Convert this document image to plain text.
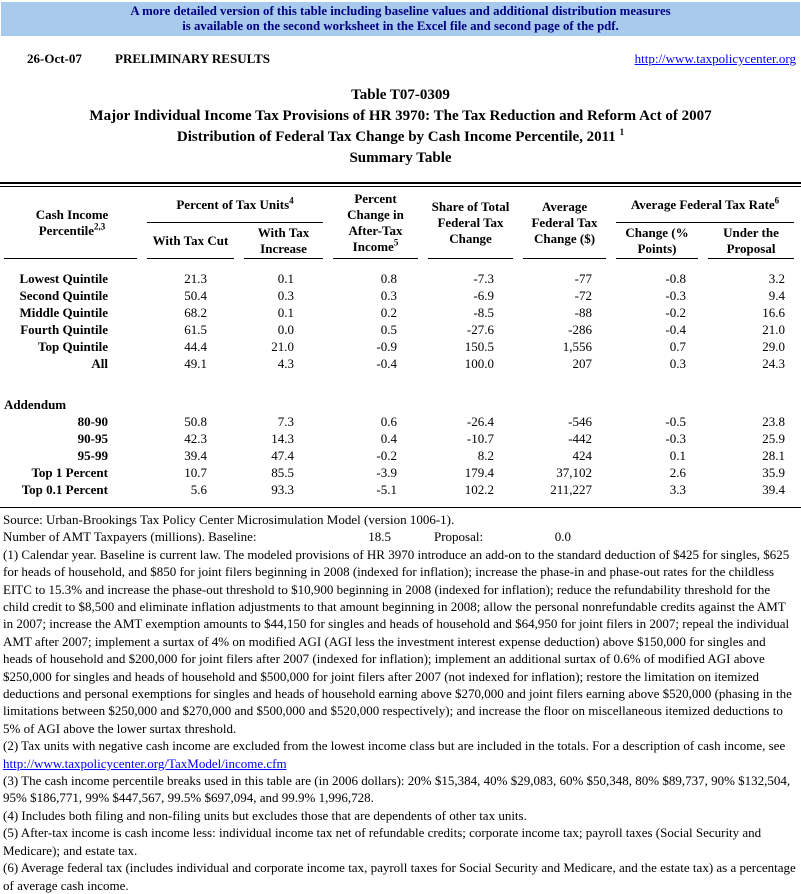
A more detailed version of this table including baseline values and additional distribution measures
is available on the second worksheet in the Excel file and second page of the pdf.
26-Oct-07	PRELIMINARY RESULTS	http://www.taxpolicycenter.org
Table T07-0309
Major Individual Income Tax Provisions of HR 3970: The Tax Reduction and Reform Act of 2007
Distribution of Federal Tax Change by Cash Income Percentile, 2011 $^1$
Summary Table
Cash Income
Percentile$^{2,3}$	Percent of Tax Units$^4$		Percent Change in After-Tax Income$^5$	Share of Total Federal Tax Change	Average Federal Tax Change ($)	Average Federal Tax Rate$^6$
	With Tax Cut	With Tax Increase				Change (% Points)	Under the Proposal
Lowest Quintile	21.3	0.1	0.8	-7.3	-77	-0.8	3.2
Second Quintile	50.4	0.3	0.3	-6.9	-72	-0.3	9.4
Middle Quintile	68.2	0.1	0.2	-8.5	-88	-0.2	16.6
Fourth Quintile	61.5	0.0	0.5	-27.6	-286	-0.4	21.0
Top Quintile	44.4	21.0	-0.9	150.5	1,556	0.7	29.0
All	49.1	4.3	-0.4	100.0	207	0.3	24.3
Addendum							
80-90	50.8	7.3	0.6	-26.4	-546	-0.5	23.8
90-95	42.3	14.3	0.4	-10.7	-442	-0.3	25.9
95-99	39.4	47.4	-0.2	8.2	424	0.1	28.1
Top 1 Percent	10.7	85.5	-3.9	179.4	37,102	2.6	35.9
Top 0.1 Percent	5.6	93.3	-5.1	102.2	211,227	3.3	39.4

Source: Urban-Brookings Tax Policy Center Microsimulation Model (version 1006-1).

Number of AMT Taxpayers (millions). Baseline:	18.5	Proposal:	0.0

(1) Calendar year. Baseline is current law. The modeled provisions of HR 3970 introduce an add-on to the standard deduction of $425 for singles, $625 for heads of household, and $850 for joint filers beginning in 2008 (indexed for inflation); increase the phase-in and phase-out rates for the childless EITC to 15.3% and increase the phase-out threshold to $10,900 beginning in 2008 (indexed for inflation); reduce the refundability threshold for the child credit to $8,500 and eliminate inflation adjustments to that amount beginning in 2008; allow the personal nonrefundable credits against the AMT in 2007; increase the AMT exemption amounts to $44,150 for singles and heads of household and $64,950 for joint filers in 2007; repeal the individual AMT after 2007; implement a surtax of 4% on modified AGI (AGI less the investment interest expense deduction) above $150,000 for singles and heads of household and $200,000 for joint filers after 2007 (indexed for inflation); implement an additional surtax of 0.6% of modified AGI above $250,000 for singles and heads of household and $500,000 for joint filers after 2007 (not indexed for inflation); restore the limitation on itemized deductions and personal exemptions for singles and heads of household earning above $270,000 and joint filers earning above $520,000 (phasing in the limitations between $250,000 and $270,000 and $500,000 and $520,000 respectively); and increase the floor on miscellaneous itemized deductions to 5% of AGI above the lower surtax threshold.

(2) Tax units with negative cash income are excluded from the lowest income class but are included in the totals. For a description of cash income, see

http://www.taxpolicycenter.org/TaxModel/income.cfm

(3) The cash income percentile breaks used in this table are (in 2006 dollars): 20% $15,384, 40% $29,083, 60% $50,348, 80% $89,737, 90% $132,504, 95% $186,771, 99% $447,567, 99.5% $697,094, and 99.9% 1,996,728.

(4) Includes both filing and non-filing units but excludes those that are dependents of other tax units.

(5) After-tax income is cash income less: individual income tax net of refundable credits; corporate income tax; payroll taxes (Social Security and Medicare); and estate tax.

(6) Average federal tax (includes individual and corporate income tax, payroll taxes for Social Security and Medicare, and the estate tax) as a percentage of average cash income.
